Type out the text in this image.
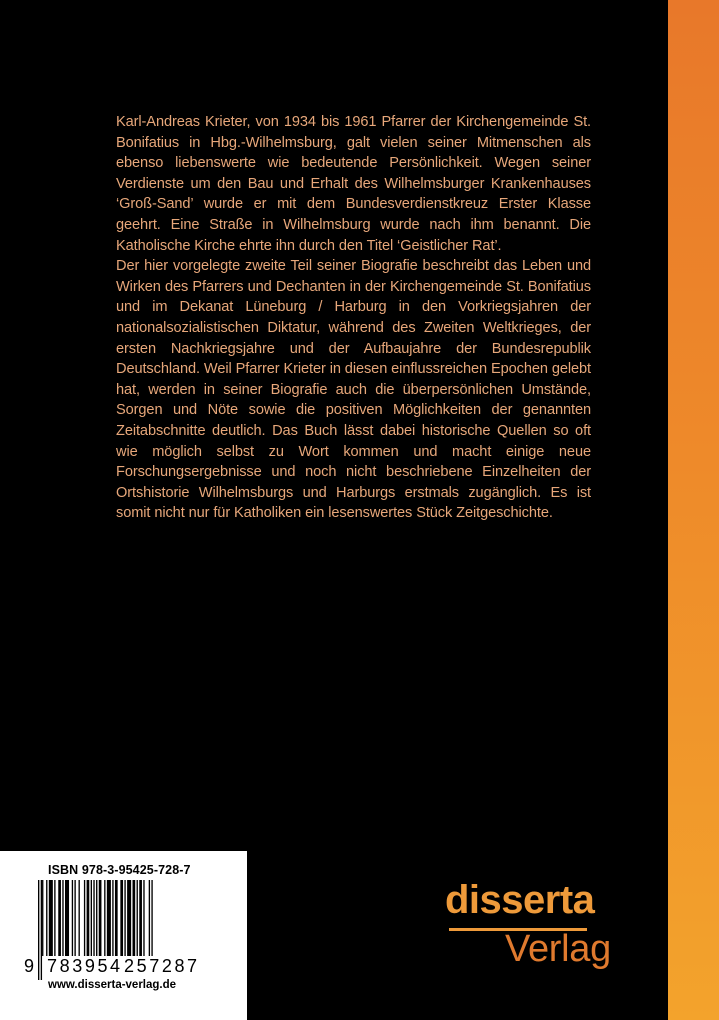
Karl-Andreas Krieter, von 1934 bis 1961 Pfarrer der Kirchengemeinde St. Bonifatius in Hbg.-Wilhelmsburg, galt vielen seiner Mitmenschen als ebenso liebenswerte wie bedeutende Persönlichkeit. Wegen seiner Verdienste um den Bau und Erhalt des Wilhelmsburger Krankenhauses ‘Groß-Sand’ wurde er mit dem Bundesverdienstkreuz Erster Klasse geehrt. Eine Straße in Wilhelmsburg wurde nach ihm benannt. Die Katholische Kirche ehrte ihn durch den Titel ‘Geistlicher Rat’.

Der hier vorgelegte zweite Teil seiner Biografie beschreibt das Leben und Wirken des Pfarrers und Dechanten in der Kirchengemeinde St. Bonifatius und im Dekanat Lüneburg / Harburg in den Vorkriegsjahren der nationalsozialistischen Diktatur, während des Zweiten Weltkrieges, der ersten Nachkriegsjahre und der Aufbaujahre der Bundesrepublik Deutschland. Weil Pfarrer Krieter in diesen einflussreichen Epochen gelebt hat, werden in seiner Biografie auch die überpersönlichen Umstände, Sorgen und Nöte sowie die positiven Möglichkeiten der genannten Zeitabschnitte deutlich. Das Buch lässt dabei historische Quellen so oft wie möglich selbst zu Wort kommen und macht einige neue Forschungsergebnisse und noch nicht beschriebene Einzelheiten der Ortshistorie Wilhelmsburgs und Harburgs erstmals zugänglich. Es ist somit nicht nur für Katholiken ein lesenswertes Stück Zeitgeschichte.

ISBN 978-3-95425-728-7
9 783954 257287
www.disserta-verlag.de
disserta
Verlag
